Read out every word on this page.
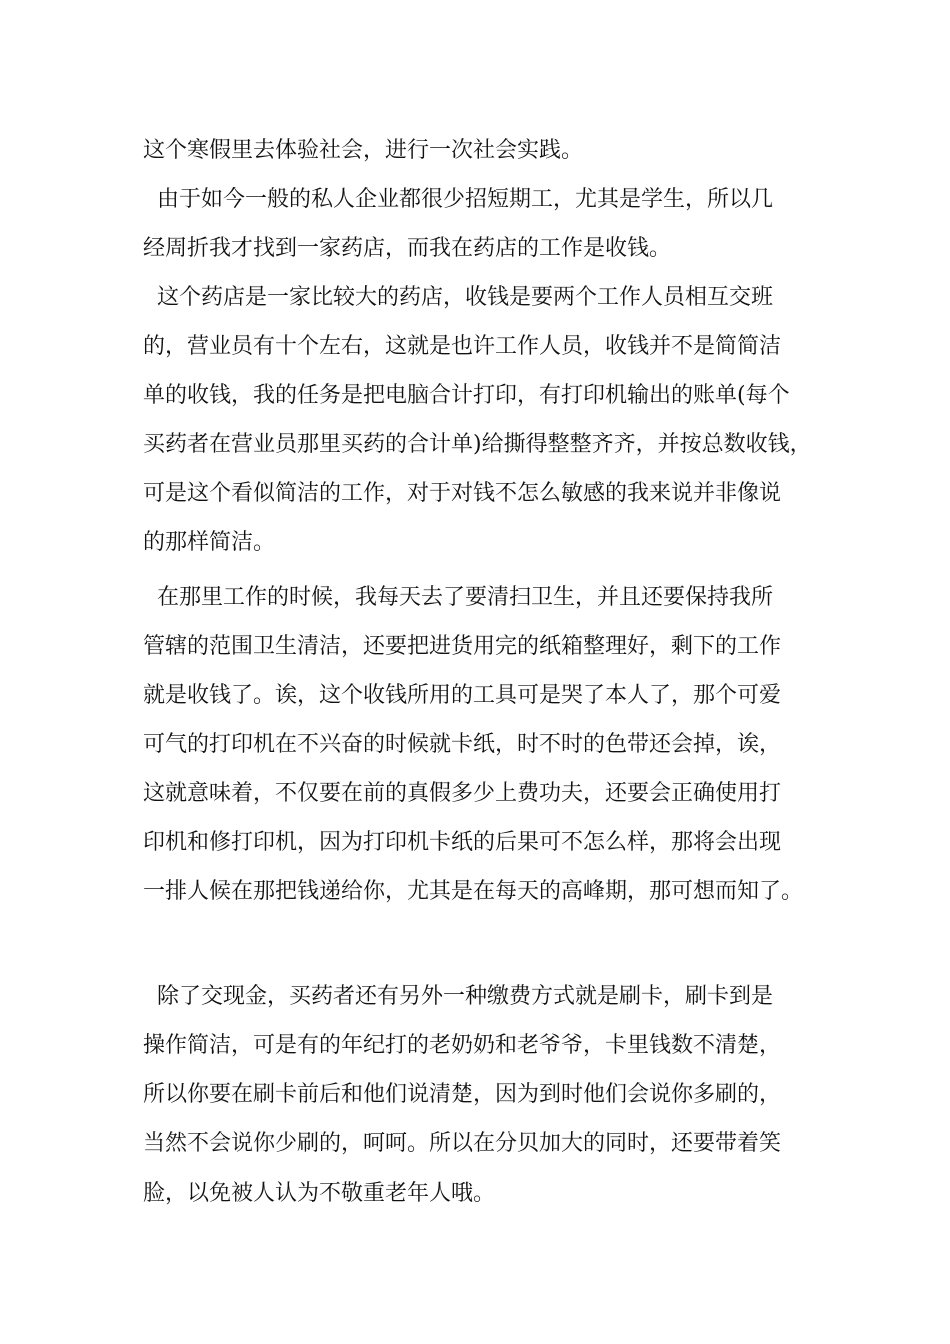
这个寒假里去体验社会，进行一次社会实践。

由于如今一般的私人企业都很少招短期工，尤其是学生，所以几

经周折我才找到一家药店，而我在药店的工作是收钱。

这个药店是一家比较大的药店，收钱是要两个工作人员相互交班

的，营业员有十个左右，这就是也许工作人员，收钱并不是简简洁

单的收钱，我的任务是把电脑合计打印，有打印机输出的账单(每个

买药者在营业员那里买药的合计单)给撕得整整齐齐，并按总数收钱，

可是这个看似简洁的工作，对于对钱不怎么敏感的我来说并非像说

的那样简洁。

在那里工作的时候，我每天去了要清扫卫生，并且还要保持我所

管辖的范围卫生清洁，还要把进货用完的纸箱整理好，剩下的工作

就是收钱了。诶，这个收钱所用的工具可是哭了本人了，那个可爱

可气的打印机在不兴奋的时候就卡纸，时不时的色带还会掉，诶，

这就意味着，不仅要在前的真假多少上费功夫，还要会正确使用打

印机和修打印机，因为打印机卡纸的后果可不怎么样，那将会出现

一排人候在那把钱递给你，尤其是在每天的高峰期，那可想而知了。

除了交现金，买药者还有另外一种缴费方式就是刷卡，刷卡到是

操作简洁，可是有的年纪打的老奶奶和老爷爷，卡里钱数不清楚，

所以你要在刷卡前后和他们说清楚，因为到时他们会说你多刷的，

当然不会说你少刷的，呵呵。所以在分贝加大的同时，还要带着笑

脸，以免被人认为不敬重老年人哦。
